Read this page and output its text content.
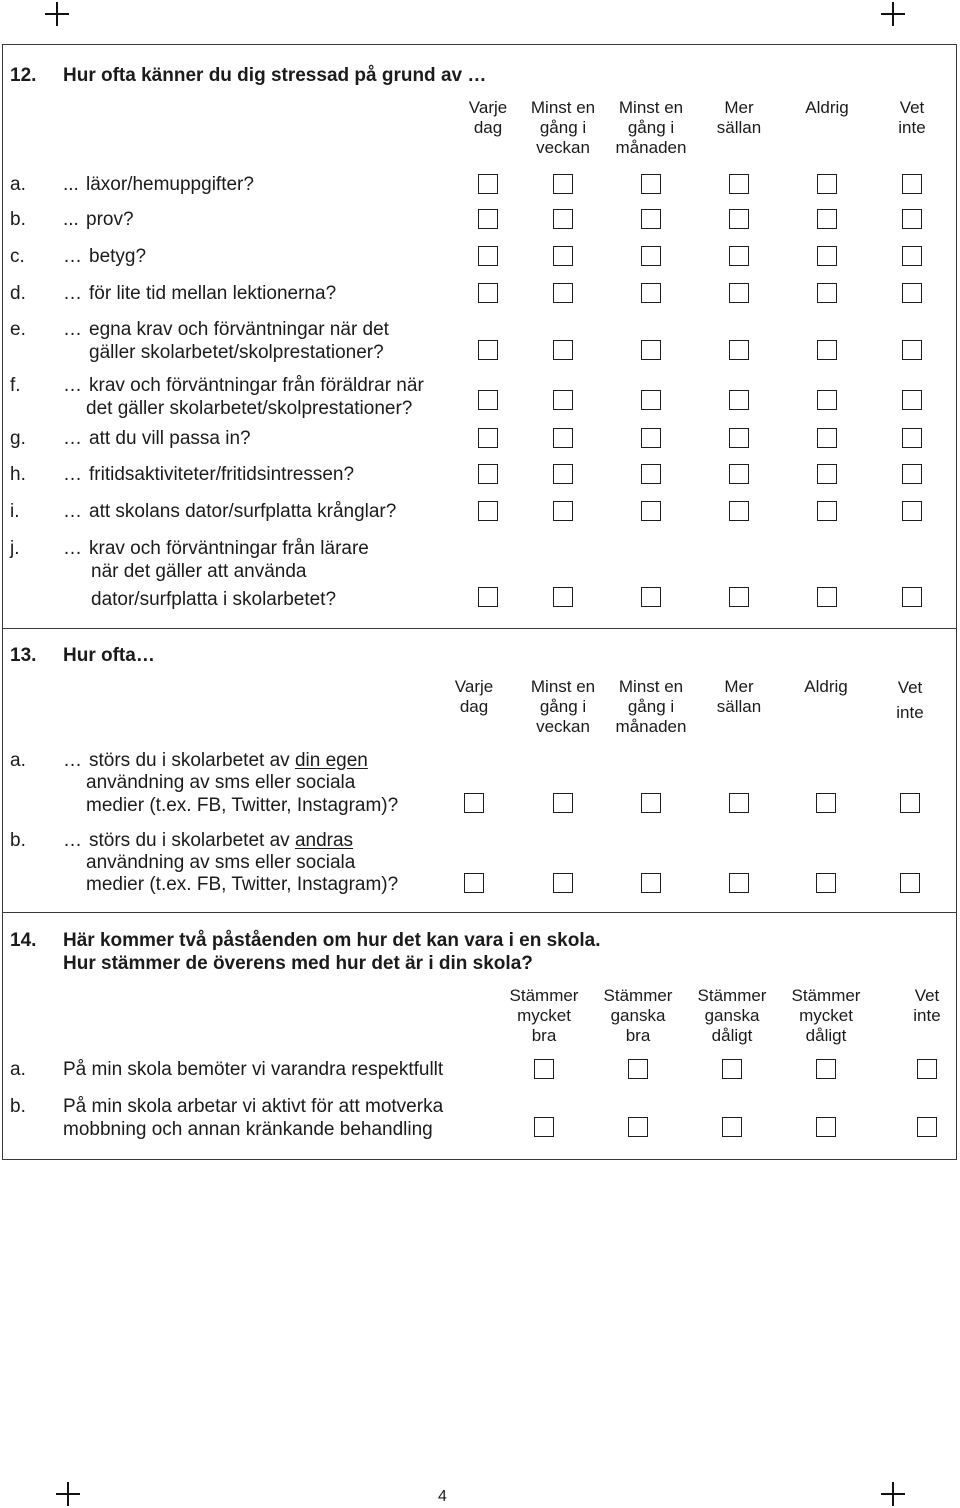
12. Hur ofta känner du dig stressad på grund av …
Varje
dag
Minst en
gång i
veckan
Minst en
gång i
månaden
Mer
sällan
Aldrig	Vet
inte
a. ... läxor/hemuppgifter?
b. ... prov?
c. … betyg?
d. … för lite tid mellan lektionerna?
e. … egna krav och förväntningar när det
gäller skolarbetet/skolprestationer?
f. … krav och förväntningar från föräldrar när
det gäller skolarbetet/skolprestationer?
g. … att du vill passa in?
h. … fritidsaktiviteter/fritidsintressen?
i. … att skolans dator/surfplatta krånglar?
j. … krav och förväntningar från lärare
när det gäller att använda
dator/surfplatta i skolarbetet?
13. Hur ofta…
Varje
dag
Minst en
gång i
veckan
Minst en
gång i
månaden
Mer
sällan
Aldrig	Vet
inte
a. … störs du i skolarbetet av din egen
användning av sms eller sociala
medier (t.ex. FB, Twitter, Instagram)?
b. … störs du i skolarbetet av andras
användning av sms eller sociala
medier (t.ex. FB, Twitter, Instagram)?
14. Här kommer två påståenden om hur det kan vara i en skola.
Hur stämmer de överens med hur det är i din skola?
Stämmer
mycket
bra
Stämmer
ganska
bra
Stämmer
ganska
dåligt
Stämmer
mycket
dåligt
Vet
inte
a. På min skola bemöter vi varandra respektfullt
b. På min skola arbetar vi aktivt för att motverka
mobbning och annan kränkande behandling
4
